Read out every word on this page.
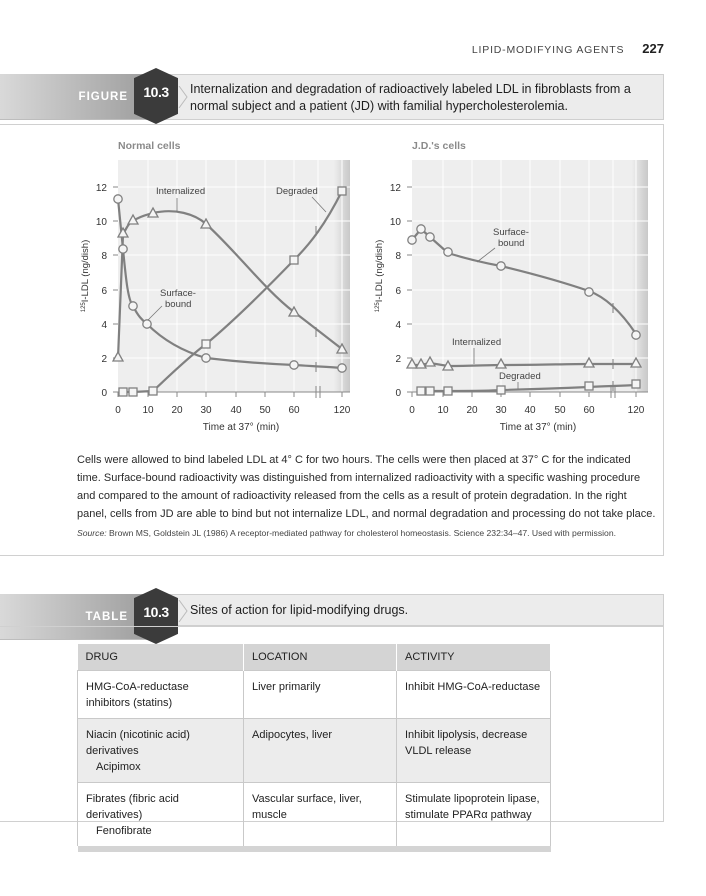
LIPID-MODIFYING AGENTS 227
FIGURE	10.3	Internalization and degradation of radioactively labeled LDL in fibroblasts from a normal subject and a patient (JD) with familial hypercholesterolemia.
Normal cells
12
10
8
6
4
2
0
0 10 20 30 40 50 60	120
Time at 37° (min)
$^{125}$I-LDL (ng/dish)
Internalized	Degraded
Surface-
bound
J.D.'s cells
12
10
8
6
4
2
0
0 10 20 30 40 50 60	120
Time at 37° (min)
$^{125}$I-LDL (ng/dish)
Surface-
bound
Internalized
Degraded
Cells were allowed to bind labeled LDL at 4° C for two hours. The cells were then placed at 37° C for the indicated time. Surface-bound radioactivity was distinguished from internalized radioactivity with a specific washing procedure and compared to the amount of radioactivity released from the cells as a result of protein degradation. In the right panel, cells from JD are able to bind but not internalize LDL, and normal degradation and processing do not take place.
Source: Brown MS, Goldstein JL (1986) A receptor-mediated pathway for cholesterol homeostasis. Science 232:34–47. Used with permission.
TABLE	10.3	Sites of action for lipid-modifying drugs.
DRUG	LOCATION	ACTIVITY
HMG-CoA-reductase inhibitors (statins)	Liver primarily	Inhibit HMG-CoA-reductase
Niacin (nicotinic acid) derivatives
Acipimox	Adipocytes, liver	Inhibit lipolysis, decrease VLDL release
Fibrates (fibric acid derivatives)
Fenofibrate	Vascular surface, liver, muscle	Stimulate lipoprotein lipase, stimulate PPARα pathway
